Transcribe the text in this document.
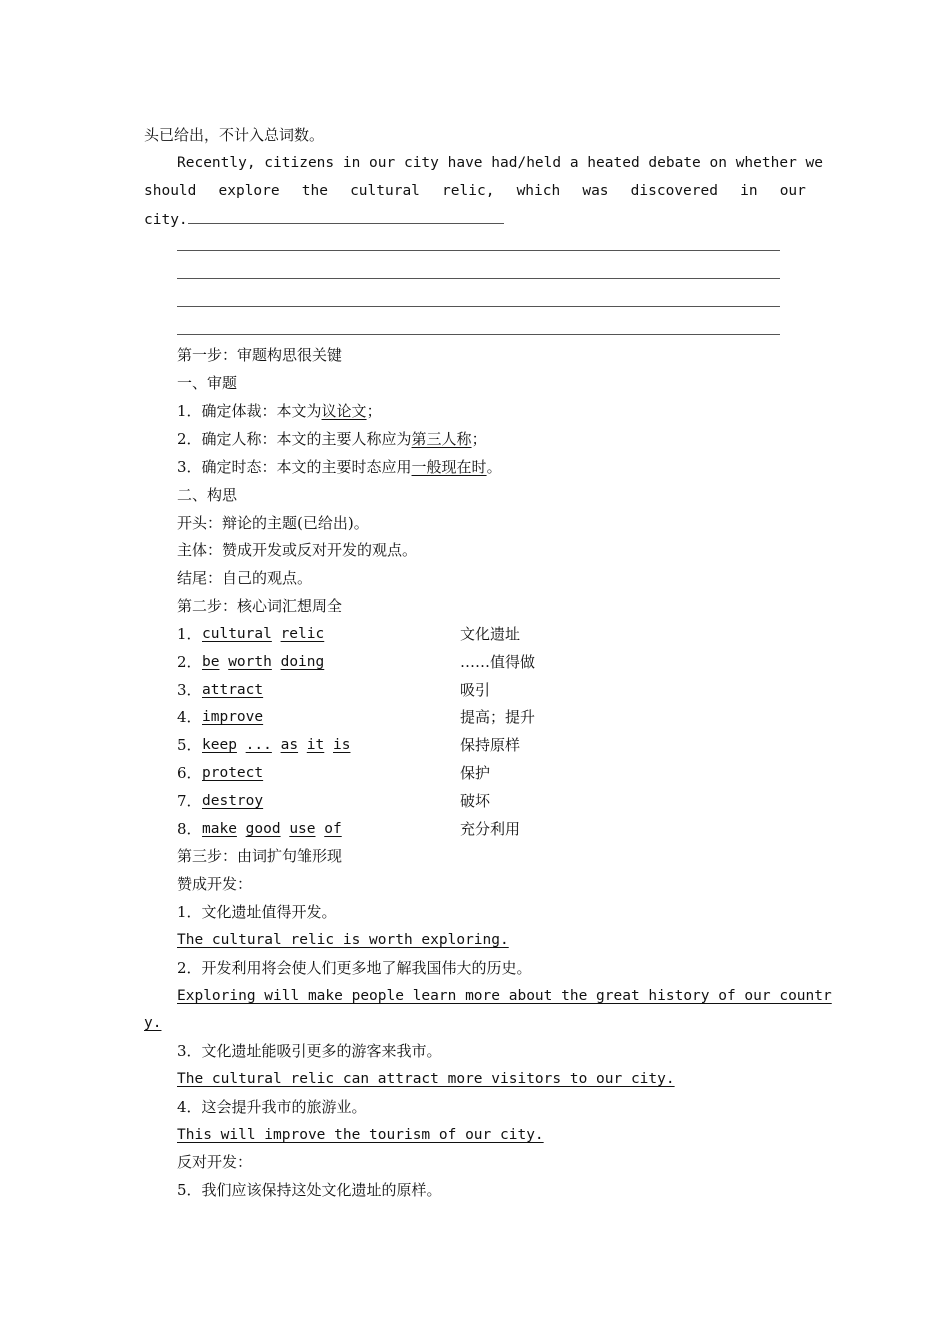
头已给出，不计入总词数。
Recently, citizens in our city have had/held a heated debate on whether we
should explore the cultural relic, which was discovered in our
city.
第一步：审题构思很关键
一、审题
1．确定体裁：本文为议论文；
2．确定人称：本文的主要人称应为第三人称；
3．确定时态：本文的主要时态应用一般现在时。
二、构思
开头：辩论的主题(已给出)。
主体：赞成开发或反对开发的观点。
结尾：自己的观点。
第二步：核心词汇想周全
1． cultural relic	文化遗址
2． be worth doing	……值得做
3． attract	吸引
4． improve	提高；提升
5． keep ... as it is	保持原样
6． protect	保护
7． destroy	破坏
8． make good use of	充分利用
第三步：由词扩句雏形现
赞成开发：
1．文化遗址值得开发。
The cultural relic is worth exploring.
2．开发利用将会使人们更多地了解我国伟大的历史。
Exploring will make people learn more about the great history of our countr
y.
3．文化遗址能吸引更多的游客来我市。
The cultural relic can attract more visitors to our city.
4．这会提升我市的旅游业。
This will improve the tourism of our city.
反对开发：
5．我们应该保持这处文化遗址的原样。
